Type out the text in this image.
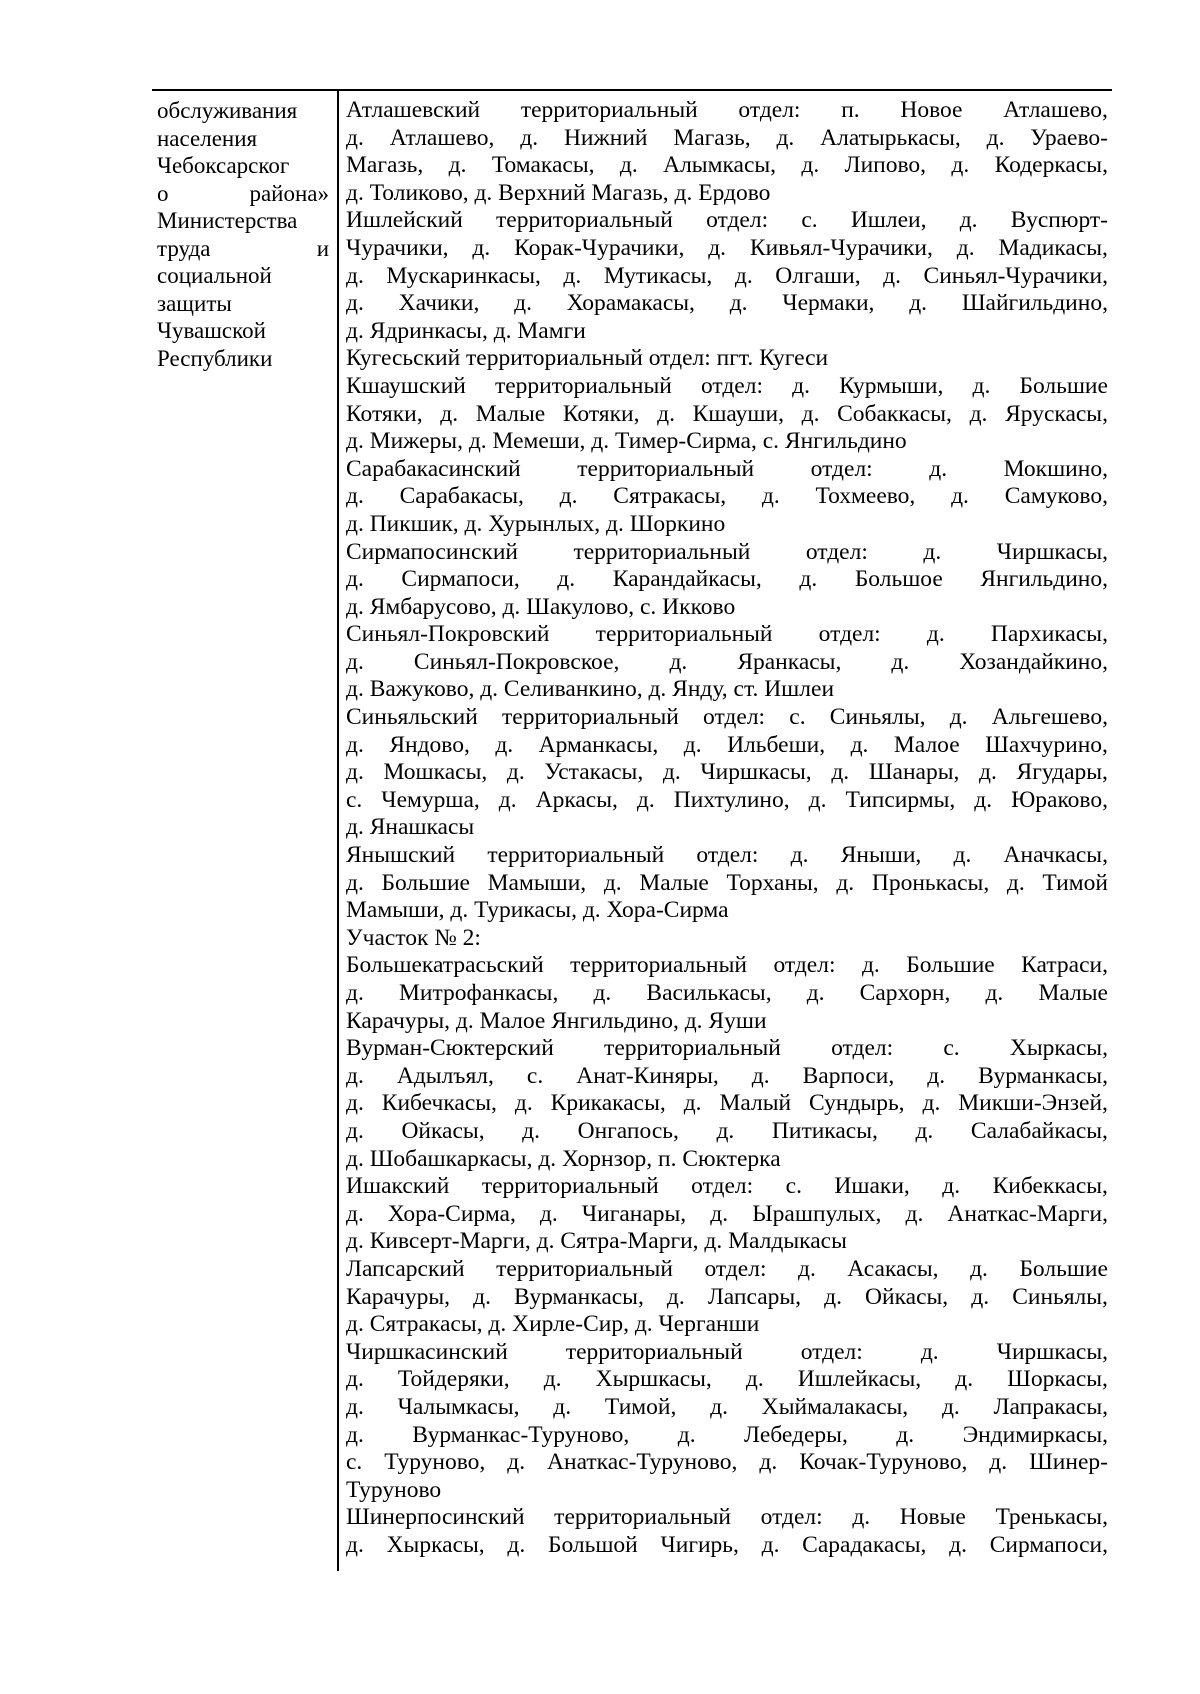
обслуживания
населения
Чебоксарског
о	района»
Министерства
труда	и
социальной
защиты
Чувашской
Республики
Атлашевский территориальный отдел: п. Новое Атлашево,
д. Атлашево, д. Нижний Магазь, д. Алатырькасы, д. Ураево-
Магазь, д. Томакасы, д. Алымкасы, д. Липово, д. Кодеркасы,
д. Толиково, д. Верхний Магазь, д. Ердово
Ишлейский территориальный отдел: с. Ишлеи, д. Вуспюрт-
Чурачики, д. Корак-Чурачики, д. Кивьял-Чурачики, д. Мадикасы,
д. Мускаринкасы, д. Мутикасы, д. Олгаши, д. Синьял-Чурачики,
д. Хачики, д. Хорамакасы, д. Чермаки, д. Шайгильдино,
д. Ядринкасы, д. Мамги
Кугесьский территориальный отдел: пгт. Кугеси
Кшаушский территориальный отдел: д. Курмыши, д. Большие
Котяки, д. Малые Котяки, д. Кшауши, д. Собаккасы, д. Ярускасы,
д. Мижеры, д. Мемеши, д. Тимер-Сирма, с. Янгильдино
Сарабакасинский территориальный отдел: д. Мокшино,
д. Сарабакасы, д. Сятракасы, д. Тохмеево, д. Самуково,
д. Пикшик, д. Хурынлых, д. Шоркино
Сирмапосинский территориальный отдел: д. Чиршкасы,
д. Сирмапоси, д. Карандайкасы, д. Большое Янгильдино,
д. Ямбарусово, д. Шакулово, с. Икково
Синьял-Покровский территориальный отдел: д. Пархикасы,
д. Синьял-Покровское, д. Яранкасы, д. Хозандайкино,
д. Важуково, д. Селиванкино, д. Янду, ст. Ишлеи
Синьяльский территориальный отдел: с. Синьялы, д. Альгешево,
д. Яндово, д. Арманкасы, д. Ильбеши, д. Малое Шахчурино,
д. Мошкасы, д. Устакасы, д. Чиршкасы, д. Шанары, д. Ягудары,
с. Чемурша, д. Аркасы, д. Пихтулино, д. Типсирмы, д. Юраково,
д. Янашкасы
Янышский территориальный отдел: д. Яныши, д. Аначкасы,
д. Большие Мамыши, д. Малые Торханы, д. Пронькасы, д. Тимой
Мамыши, д. Турикасы, д. Хора-Сирма
Участок № 2:
Большекатрасьский территориальный отдел: д. Большие Катраси,
д. Митрофанкасы, д. Василькасы, д. Сархорн, д. Малые
Карачуры, д. Малое Янгильдино, д. Яуши
Вурман-Сюктерский территориальный отдел: с. Хыркасы,
д. Адылъял, с. Анат-Киняры, д. Варпоси, д. Вурманкасы,
д. Кибечкасы, д. Крикакасы, д. Малый Сундырь, д. Микши-Энзей,
д. Ойкасы, д. Онгапось, д. Питикасы, д. Салабайкасы,
д. Шобашкаркасы, д. Хорнзор, п. Сюктерка
Ишакский территориальный отдел: с. Ишаки, д. Кибеккасы,
д. Хора-Сирма, д. Чиганары, д. Ырашпулых, д. Анаткас-Марги,
д. Кивсерт-Марги, д. Сятра-Марги, д. Малдыкасы
Лапсарский территориальный отдел: д. Асакасы, д. Большие
Карачуры, д. Вурманкасы, д. Лапсары, д. Ойкасы, д. Синьялы,
д. Сятракасы, д. Хирле-Сир, д. Черганши
Чиршкасинский территориальный отдел: д. Чиршкасы,
д. Тойдеряки, д. Хыршкасы, д. Ишлейкасы, д. Шоркасы,
д. Чалымкасы, д. Тимой, д. Хыймалакасы, д. Лапракасы,
д. Вурманкас-Туруново, д. Лебедеры, д. Эндимиркасы,
с. Туруново, д. Анаткас-Туруново, д. Кочак-Туруново, д. Шинер-
Туруново
Шинерпосинский территориальный отдел: д. Новые Тренькасы,
д. Хыркасы, д. Большой Чигирь, д. Сарадакасы, д. Сирмапоси,
